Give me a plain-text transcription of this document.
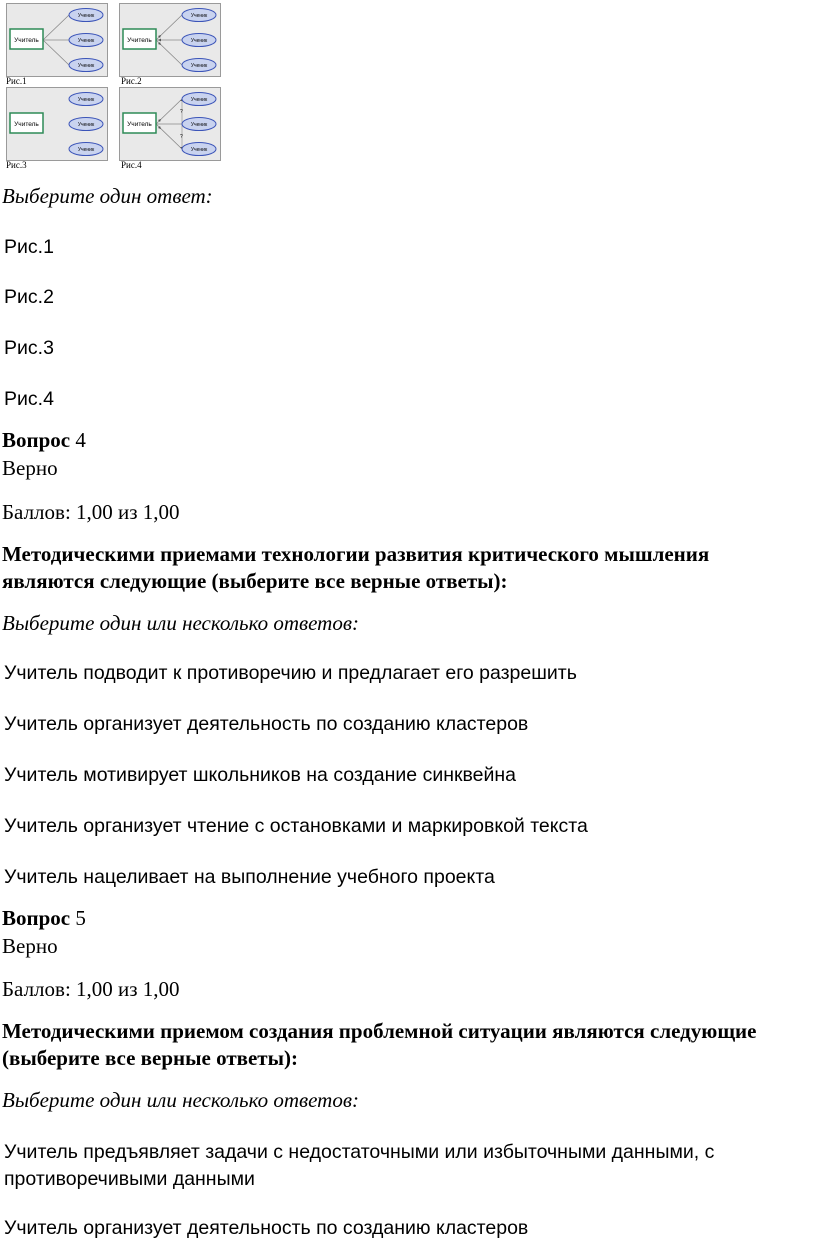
Учитель
Ученик
Ученик
Ученик
Рис.1
Учитель
Ученик
Ученик
Ученик
Рис.2
Учитель
Ученик
Ученик
Ученик
Рис.3
?
?
Учитель
Ученик
Ученик
Ученик
Рис.4
Выберите один ответ:
Рис.1
Рис.2
Рис.3
Рис.4
Вопрос 4
Верно
Баллов: 1,00 из 1,00
Методическими приемами технологии развития критического мышления являются следующие (выберите все верные ответы):
Выберите один или несколько ответов:
Учитель подводит к противоречию и предлагает его разрешить
Учитель организует деятельность по созданию кластеров
Учитель мотивирует школьников на создание синквейна
Учитель организует чтение с остановками и маркировкой текста
Учитель нацеливает на выполнение учебного проекта
Вопрос 5
Верно
Баллов: 1,00 из 1,00
Методическими приемом создания проблемной ситуации являются следующие (выберите все верные ответы):
Выберите один или несколько ответов:
Учитель предъявляет задачи с недостаточными или избыточными данными, с противоречивыми данными
Учитель организует деятельность по созданию кластеров
